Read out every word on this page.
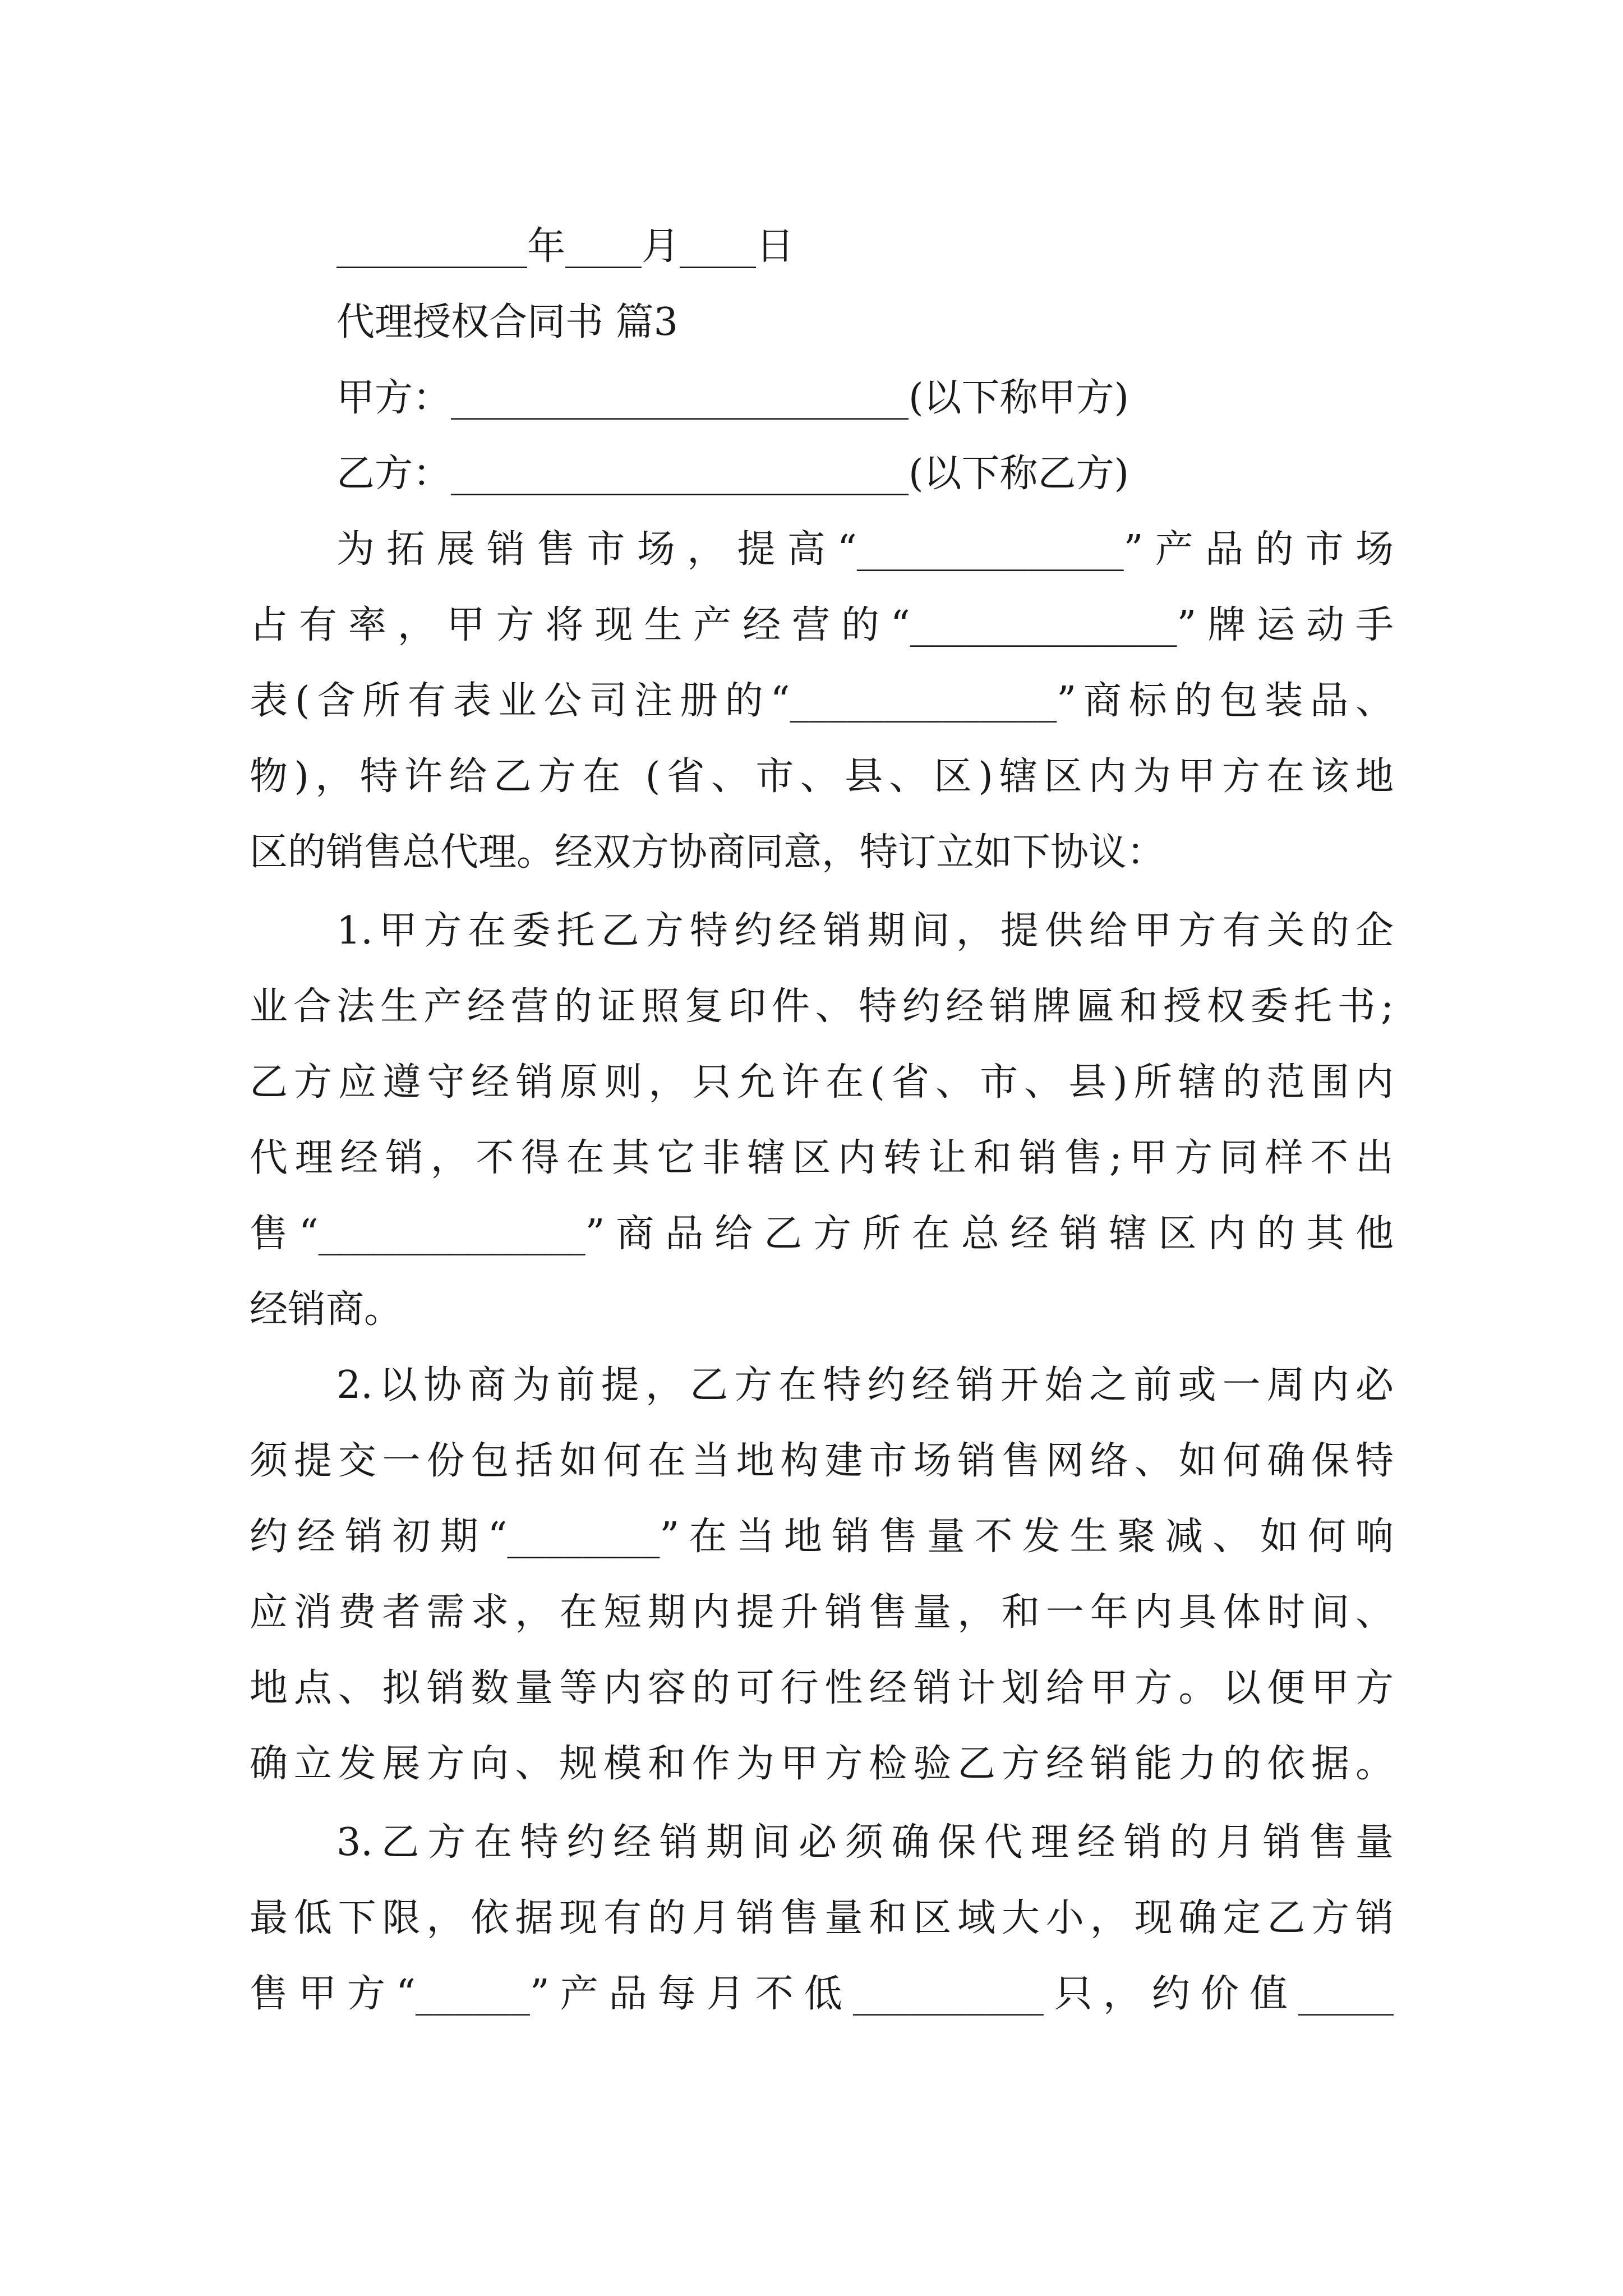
__________年____月____日
代理授权合同书 篇3
甲方：________________________(以下称甲方)
乙方：________________________(以下称乙方)
为拓展销售市场，提高“______________”产品的市场
占有率，甲方将现生产经营的“______________”牌运动手
表(含所有表业公司注册的“______________”商标的包装品、
物)，特许给乙方在 (省、市、县、区)辖区内为甲方在该地
区的销售总代理。经双方协商同意，特订立如下协议：
1.甲方在委托乙方特约经销期间，提供给甲方有关的企
业合法生产经营的证照复印件、特约经销牌匾和授权委托书;
乙方应遵守经销原则，只允许在(省、市、县)所辖的范围内
代理经销，不得在其它非辖区内转让和销售;甲方同样不出
售“______________”商品给乙方所在总经销辖区内的其他
经销商。
2.以协商为前提，乙方在特约经销开始之前或一周内必
须提交一份包括如何在当地构建市场销售网络、如何确保特
约经销初期“________”在当地销售量不发生聚减、如何响
应消费者需求，在短期内提升销售量，和一年内具体时间、
地点、拟销数量等内容的可行性经销计划给甲方。以便甲方
确立发展方向、规模和作为甲方检验乙方经销能力的依据。
3.乙方在特约经销期间必须确保代理经销的月销售量
最低下限，依据现有的月销售量和区域大小，现确定乙方销
售甲方“______”产品每月不低__________只，约价值_____
